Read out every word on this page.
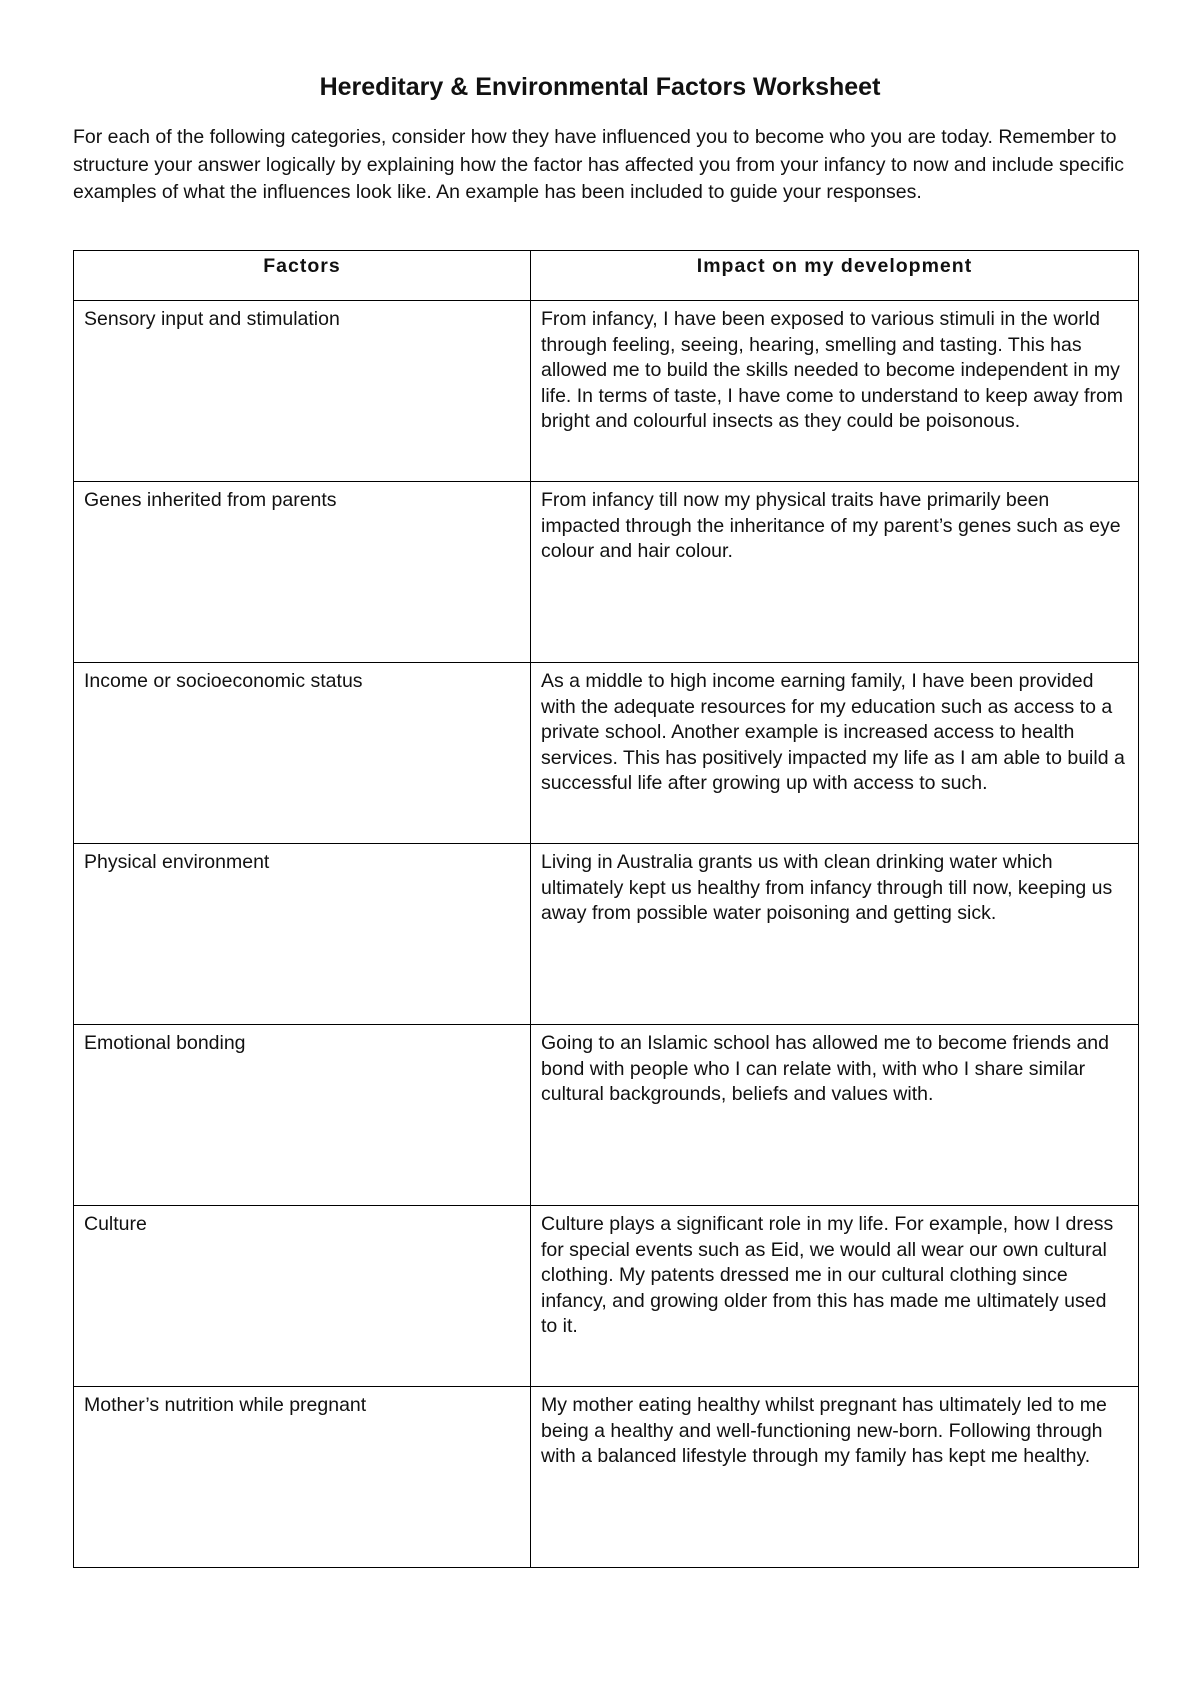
Hereditary & Environmental Factors Worksheet

For each of the following categories, consider how they have influenced you to become who you are today. Remember to structure your answer logically by explaining how the factor has affected you from your infancy to now and include specific examples of what the influences look like. An example has been included to guide your responses.

Factors	Impact on my development
Sensory input and stimulation	From infancy, I have been exposed to various stimuli in the world through feeling, seeing, hearing, smelling and tasting. This has allowed me to build the skills needed to become independent in my life. In terms of taste, I have come to understand to keep away from bright and colourful insects as they could be poisonous.
Genes inherited from parents	From infancy till now my physical traits have primarily been impacted through the inheritance of my parent’s genes such as eye colour and hair colour.
Income or socioeconomic status	As a middle to high income earning family, I have been provided with the adequate resources for my education such as access to a private school. Another example is increased access to health services. This has positively impacted my life as I am able to build a successful life after growing up with access to such.
Physical environment	Living in Australia grants us with clean drinking water which ultimately kept us healthy from infancy through till now, keeping us away from possible water poisoning and getting sick.
Emotional bonding	Going to an Islamic school has allowed me to become friends and bond with people who I can relate with, with who I share similar cultural backgrounds, beliefs and values with.
Culture	Culture plays a significant role in my life. For example, how I dress for special events such as Eid, we would all wear our own cultural clothing. My patents dressed me in our cultural clothing since infancy, and growing older from this has made me ultimately used to it.
Mother’s nutrition while pregnant	My mother eating healthy whilst pregnant has ultimately led to me being a healthy and well-functioning new-born. Following through with a balanced lifestyle through my family has kept me healthy.
